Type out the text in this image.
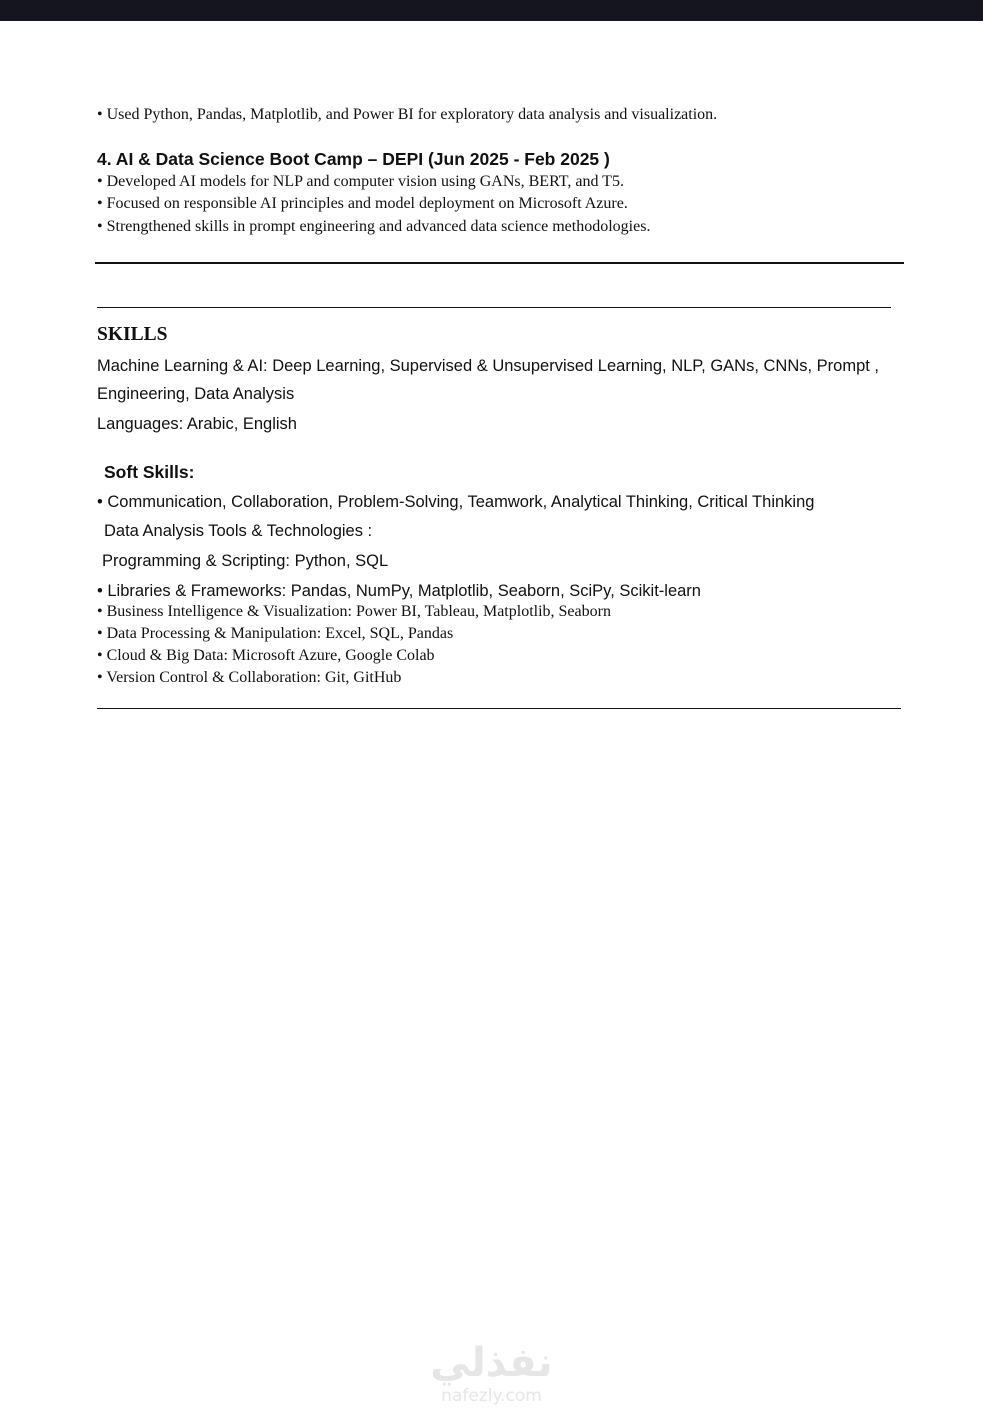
• Used Python, Pandas, Matplotlib, and Power BI for exploratory data analysis and visualization.
4. AI & Data Science Boot Camp – DEPI (Jun 2025 - Feb 2025 )
• Developed AI models for NLP and computer vision using GANs, BERT, and T5.
• Focused on responsible AI principles and model deployment on Microsoft Azure.
• Strengthened skills in prompt engineering and advanced data science methodologies.
SKILLS
Machine Learning & AI: Deep Learning, Supervised & Unsupervised Learning, NLP, GANs, CNNs, Prompt ,
Engineering, Data Analysis
Languages: Arabic, English
Soft Skills:
• Communication, Collaboration, Problem-Solving, Teamwork, Analytical Thinking, Critical Thinking
Data Analysis Tools & Technologies :
Programming & Scripting: Python, SQL
• Libraries & Frameworks: Pandas, NumPy, Matplotlib, Seaborn, SciPy, Scikit-learn
• Business Intelligence & Visualization: Power BI, Tableau, Matplotlib, Seaborn
• Data Processing & Manipulation: Excel, SQL, Pandas
• Cloud & Big Data: Microsoft Azure, Google Colab
• Version Control & Collaboration: Git, GitHub
نفذلي
nafezly.com
